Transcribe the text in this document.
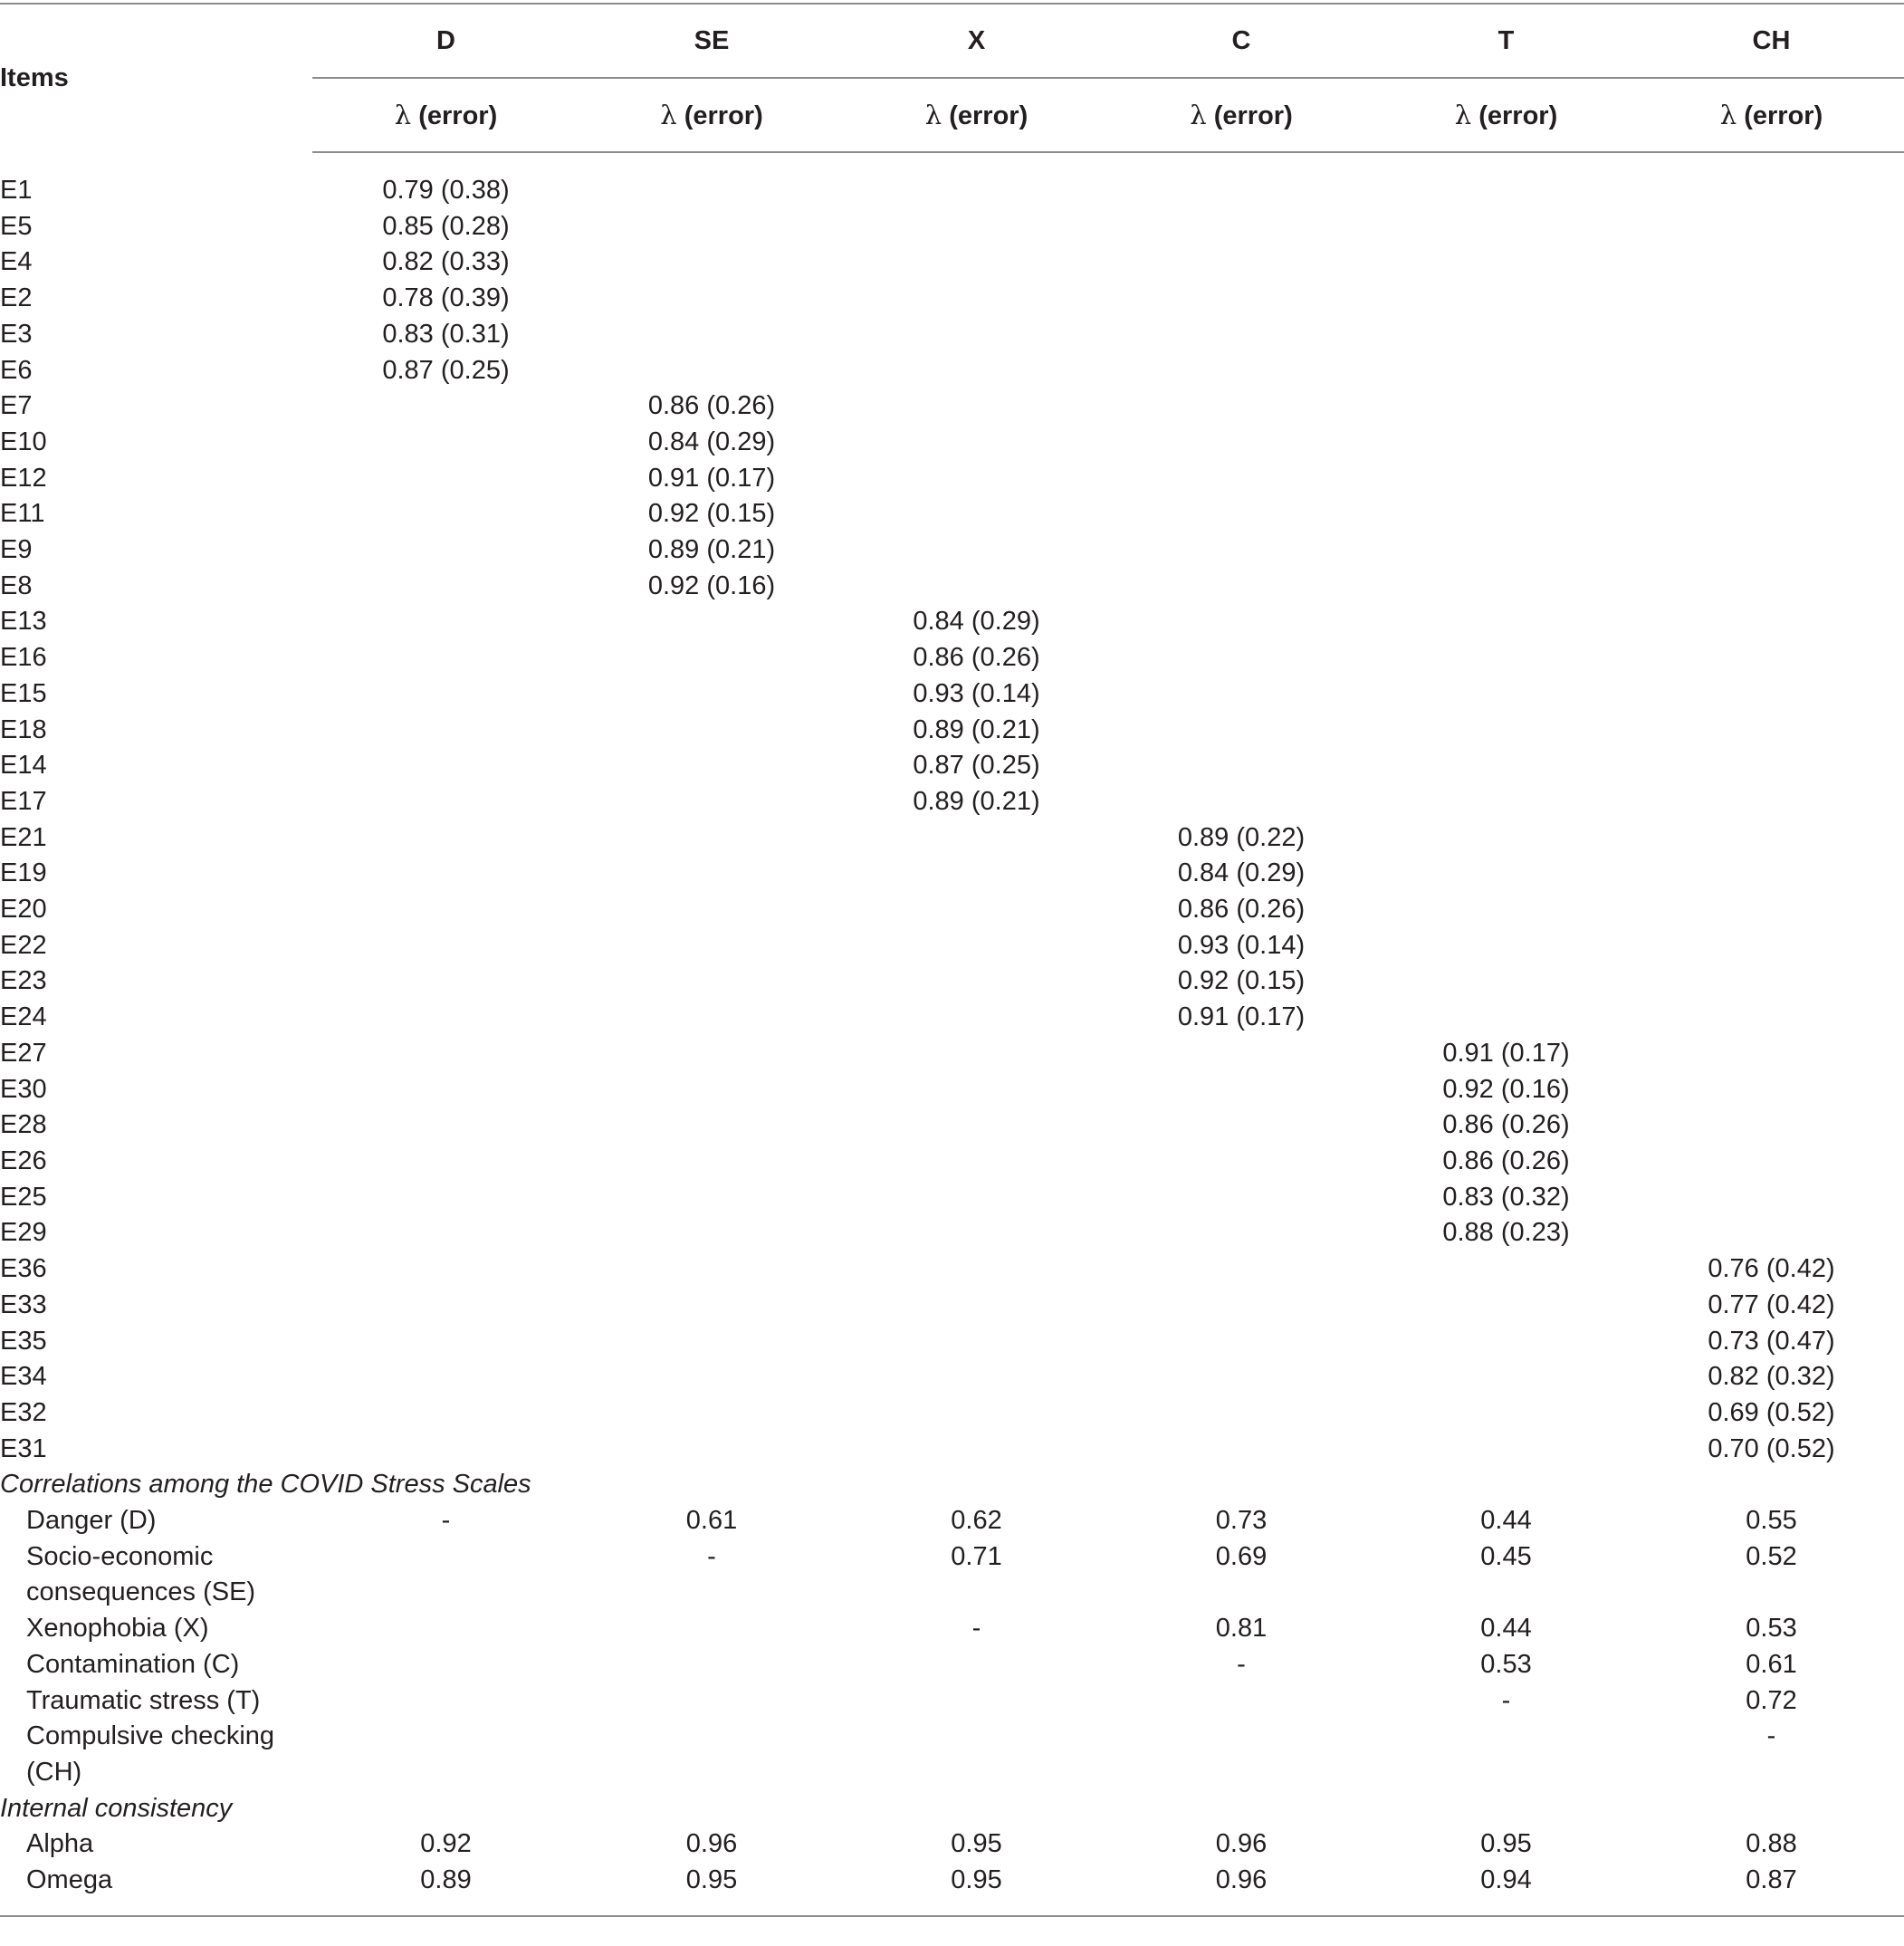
Items	D	SE	X	C	T	CH
	λ (error)	λ (error)	λ (error)	λ (error)	λ (error)	λ (error)
E1	0.79 (0.38)					
E5	0.85 (0.28)					
E4	0.82 (0.33)					
E2	0.78 (0.39)					
E3	0.83 (0.31)					
E6	0.87 (0.25)					
E7		0.86 (0.26)				
E10		0.84 (0.29)				
E12		0.91 (0.17)				
E11		0.92 (0.15)				
E9		0.89 (0.21)				
E8		0.92 (0.16)				
E13			0.84 (0.29)			
E16			0.86 (0.26)			
E15			0.93 (0.14)			
E18			0.89 (0.21)			
E14			0.87 (0.25)			
E17			0.89 (0.21)			
E21				0.89 (0.22)		
E19				0.84 (0.29)		
E20				0.86 (0.26)		
E22				0.93 (0.14)		
E23				0.92 (0.15)		
E24				0.91 (0.17)		
E27					0.91 (0.17)	
E30					0.92 (0.16)	
E28					0.86 (0.26)	
E26					0.86 (0.26)	
E25					0.83 (0.32)	
E29					0.88 (0.23)	
E36						0.76 (0.42)
E33						0.77 (0.42)
E35						0.73 (0.47)
E34						0.82 (0.32)
E32						0.69 (0.52)
E31						0.70 (0.52)
Correlations among the COVID Stress Scales						
Danger (D)	-	0.61	0.62	0.73	0.44	0.55
Socio-economic consequences (SE)		-	0.71	0.69	0.45	0.52
Xenophobia (X)			-	0.81	0.44	0.53
Contamination (C)				-	0.53	0.61
Traumatic stress (T)					-	0.72
Compulsive checking (CH)						-
Internal consistency						
Alpha	0.92	0.96	0.95	0.96	0.95	0.88
Omega	0.89	0.95	0.95	0.96	0.94	0.87
